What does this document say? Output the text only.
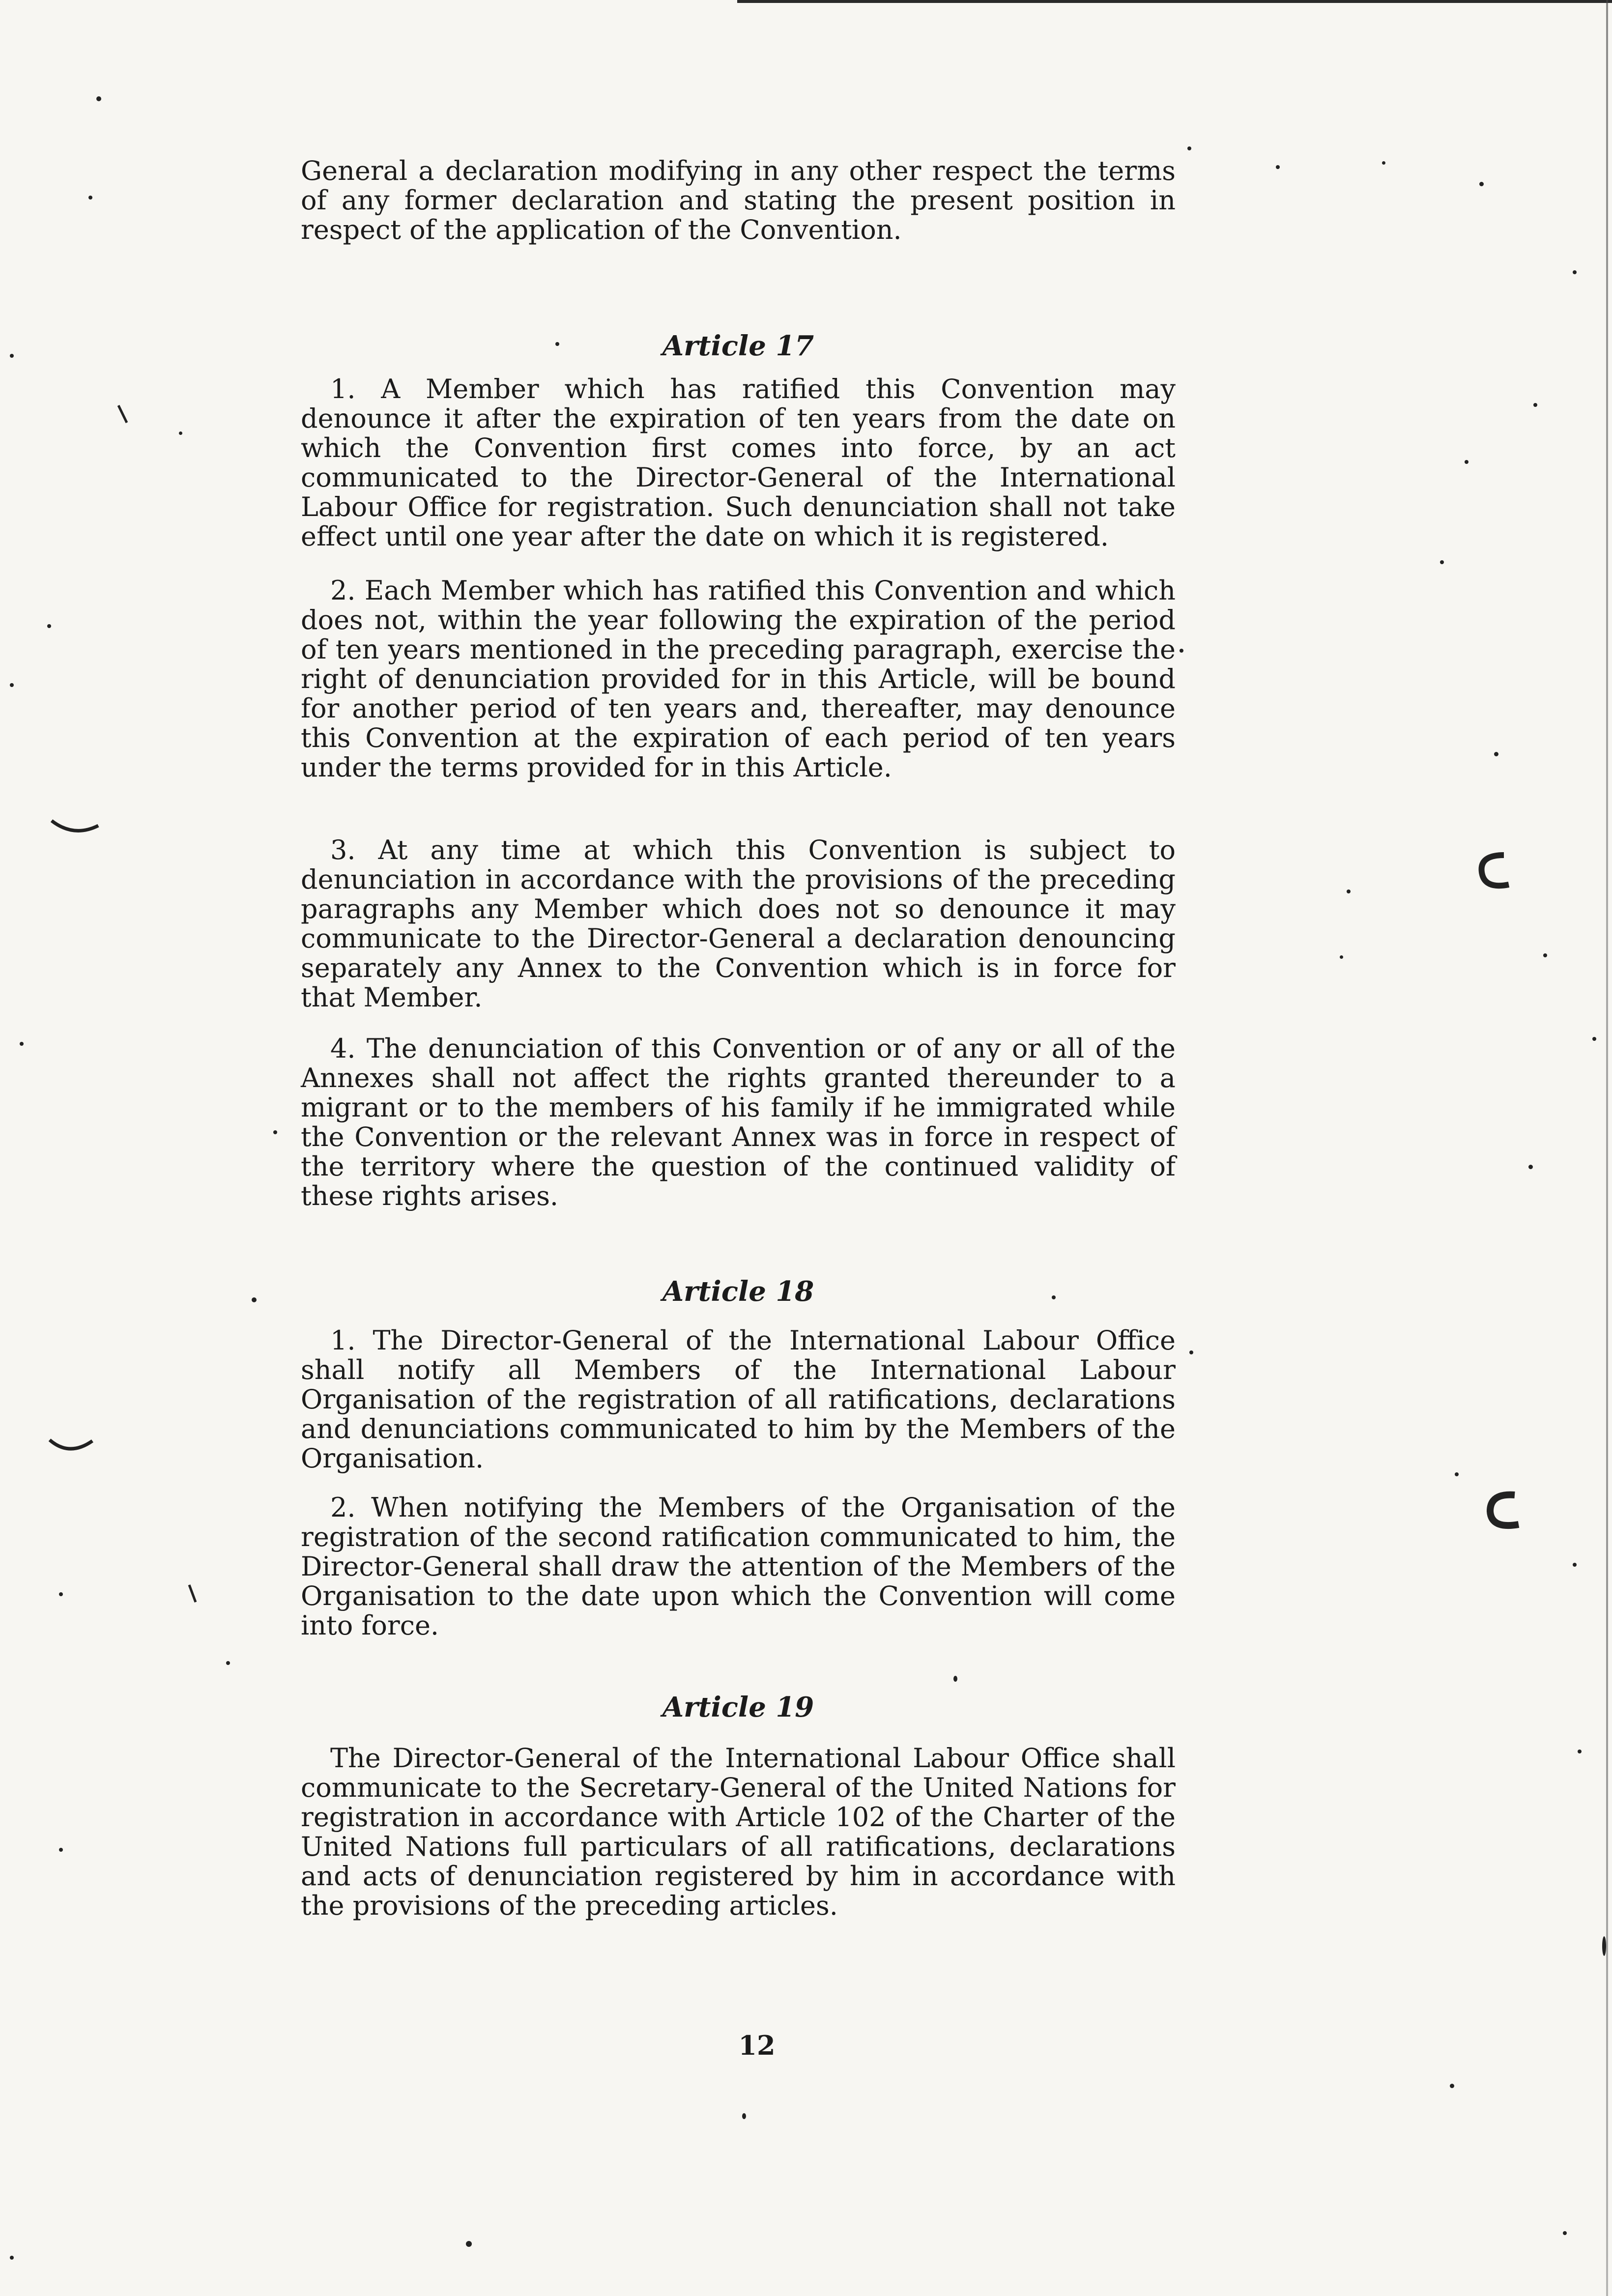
General a declaration modifying in any other respect the terms of any former declaration and stating the present position in respect of the application of the Convention.

Article 17

1. A Member which has ratified this Convention may denounce it after the expiration of ten years from the date on which the Convention first comes into force, by an act communicated to the Director-General of the International Labour Office for registration. Such denunciation shall not take effect until one year after the date on which it is registered.

2. Each Member which has ratified this Convention and which does not, within the year following the expiration of the period of ten years mentioned in the preceding paragraph, exercise the right of denunciation provided for in this Article, will be bound for another period of ten years and, thereafter, may denounce this Convention at the expiration of each period of ten years under the terms provided for in this Article.

3. At any time at which this Convention is subject to denunciation in accordance with the provisions of the preceding paragraphs any Member which does not so denounce it may communicate to the Director-General a declaration denouncing separately any Annex to the Convention which is in force for that Member.

4. The denunciation of this Convention or of any or all of the Annexes shall not affect the rights granted thereunder to a migrant or to the members of his family if he immigrated while the Convention or the relevant Annex was in force in respect of the territory where the question of the continued validity of these rights arises.

Article 18

1. The Director-General of the International Labour Office shall notify all Members of the International Labour Organisation of the registration of all ratifications, declarations and denunciations communicated to him by the Members of the Organisation.

2. When notifying the Members of the Organisation of the registration of the second ratification communicated to him, the Director-General shall draw the attention of the Members of the Organisation to the date upon which the Convention will come into force.

Article 19

The Director-General of the International Labour Office shall communicate to the Secretary-General of the United Nations for registration in accordance with Article 102 of the Charter of the United Nations full particulars of all ratifications, declarations and acts of denunciation registered by him in accordance with the provisions of the preceding articles.

12
